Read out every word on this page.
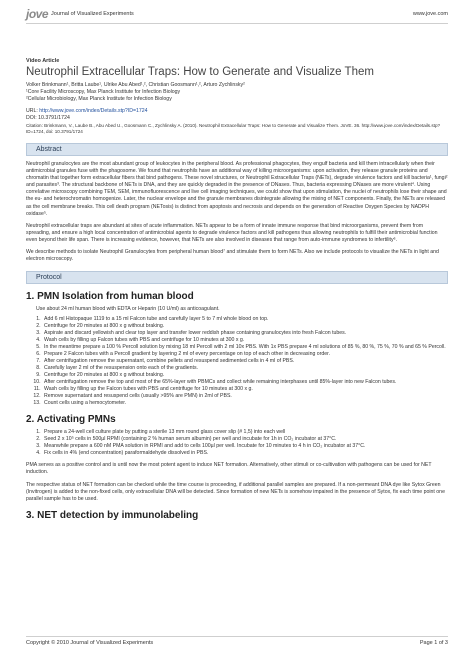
jove Journal of Visualized Experiments	www.jove.com
Video Article
Neutrophil Extracellular Traps: How to Generate and Visualize Them
Volker Brinkmann¹, Britta Laube¹, Ulrike Abu Abed¹,², Christian Goosmann¹,², Arturo Zychlinsky²
¹Core Facility Microscopy, Max Planck Institute for Infection Biology
²Cellular Microbiology, Max Planck Institute for Infection Biology
URL: http://www.jove.com/index/Details.stp?ID=1724
DOI: 10.3791/1724
Citation: Brinkmann, V., Laube B., Abu Abed U., Goosmann C., Zychlinsky A. (2010). Neutrophil Extracellular Traps: How to Generate and Visualize Them. JoVE. 36. http://www.jove.com/index/Details.stp?ID=1724, doi: 10.3791/1724
Abstract

Neutrophil granulocytes are the most abundant group of leukocytes in the peripheral blood. As professional phagocytes, they engulf bacteria and kill them intracellularly when their antimicrobial granules fuse with the phagosome. We found that neutrophils have an additional way of killing microorganisms: upon activation, they release granule proteins and chromatin that together form extracellular fibers that bind pathogens. These novel structures, or Neutrophil Extracellular Traps (NETs), degrade virulence factors and kill bacteria¹, fungi² and parasites³. The structural backbone of NETs is DNA, and they are quickly degraded in the presence of DNases. Thus, bacteria expressing DNases are more virulent⁴. Using correlative microscopy combining TEM, SEM, immunofluorescence and live cell imaging techniques, we could show that upon stimulation, the nuclei of neutrophils lose their shape and the eu- and heterochromatin homogenize. Later, the nuclear envelope and the granule membranes disintegrate allowing the mixing of NET components. Finally, the NETs are released as the cell membrane breaks. This cell death program (NETosis) is distinct from apoptosis and necrosis and depends on the generation of Reactive Oxygen Species by NADPH oxidase⁵.

Neutrophil extracellular traps are abundant at sites of acute inflammation. NETs appear to be a form of innate immune response that bind microorganisms, prevent them from spreading, and ensure a high local concentration of antimicrobial agents to degrade virulence factors and kill pathogens thus allowing neutrophils to fulfill their antimicrobial function even beyond their life span. There is increasing evidence, however, that NETs are also involved in diseases that range from auto-immune syndromes to infertility⁶.

We describe methods to isolate Neutrophil Granulocytes from peripheral human blood⁷ and stimulate them to form NETs. Also we include protocols to visualize the NETs in light and electron microscopy.

Protocol
1. PMN Isolation from human blood

Use about 24 ml human blood with EDTA or Heparin (10 U/ml) as anticoagulant.

1. Add 6 ml Histopaque 1119 to a 15 ml Falcon tube and carefully layer 5 to 7 ml whole blood on top.
2. Centrifuge for 20 minutes at 800 x g without braking.
3. Aspirate and discard yellowish and clear top layer and transfer lower reddish phase containing granulocytes into fresh Falcon tubes.
4. Wash cells by filling up Falcon tubes with PBS and centrifuge for 10 minutes at 300 x g.
5. In the meantime prepare a 100 % Percoll solution by mixing 18 ml Percoll with 2 ml 10x PBS. With 1x PBS prepare 4 ml solutions of 85 %, 80 %, 75 %, 70 % and 65 % Percoll.
6. Prepare 2 Falcon tubes with a Percoll gradient by layering 2 ml of every percentage on top of each other in decreasing order.
7. After centrifugation remove the supernatant, combine pellets and resuspend sedimented cells in 4 ml of PBS.
8. Carefully layer 2 ml of the resuspension onto each of the gradients.
9. Centrifuge for 20 minutes at 800 x g without braking.
10. After centrifugation remove the top and most of the 65%-layer with PBMCs and collect while remaining interphases until 85%-layer into new Falcon tubes.
11. Wash cells by filling up the Falcon tubes with PBS and centrifuge for 10 minutes at 300 x g.
12. Remove supernatant and resuspend cells (usually >95% are PMN) in 2ml of PBS.
13. Count cells using a hemocytometer.
2. Activating PMNs
1. Prepare a 24-well cell culture plate by putting a sterile 13 mm round glass cover slip (# 1,5) into each well
2. Seed 2 x 10⁵ cells in 500µl RPMI (containing 2 % human serum albumin) per well and incubate for 1h in CO₂ incubator at 37°C.
3. Meanwhile prepare a 600 nM PMA solution in RPMI and add to cells 100µl per well. Incubate for 10 minutes to 4 h in CO₂ incubator at 37°C.
4. Fix cells in 4% (end concentration) paraformaldehyde dissolved in PBS.

PMA serves as a positive control and is until now the most potent agent to induce NET formation. Alternatively, other stimuli or co-cultivation with pathogens can be used for NET induction.

The respective status of NET formation can be checked while the time course is proceeding, if additional parallel samples are prepared. If a non-permeant DNA dye like Sytox Green (Invitrogen) is added to the non-fixed cells, only extracellular DNA will be detected. Since formation of new NETs is somehow impaired in the presence of Sytox, fix each time point one parallel sample has to be used.

3. NET detection by immunolabeling
Copyright © 2010 Journal of Visualized Experiments	Page 1 of 3
